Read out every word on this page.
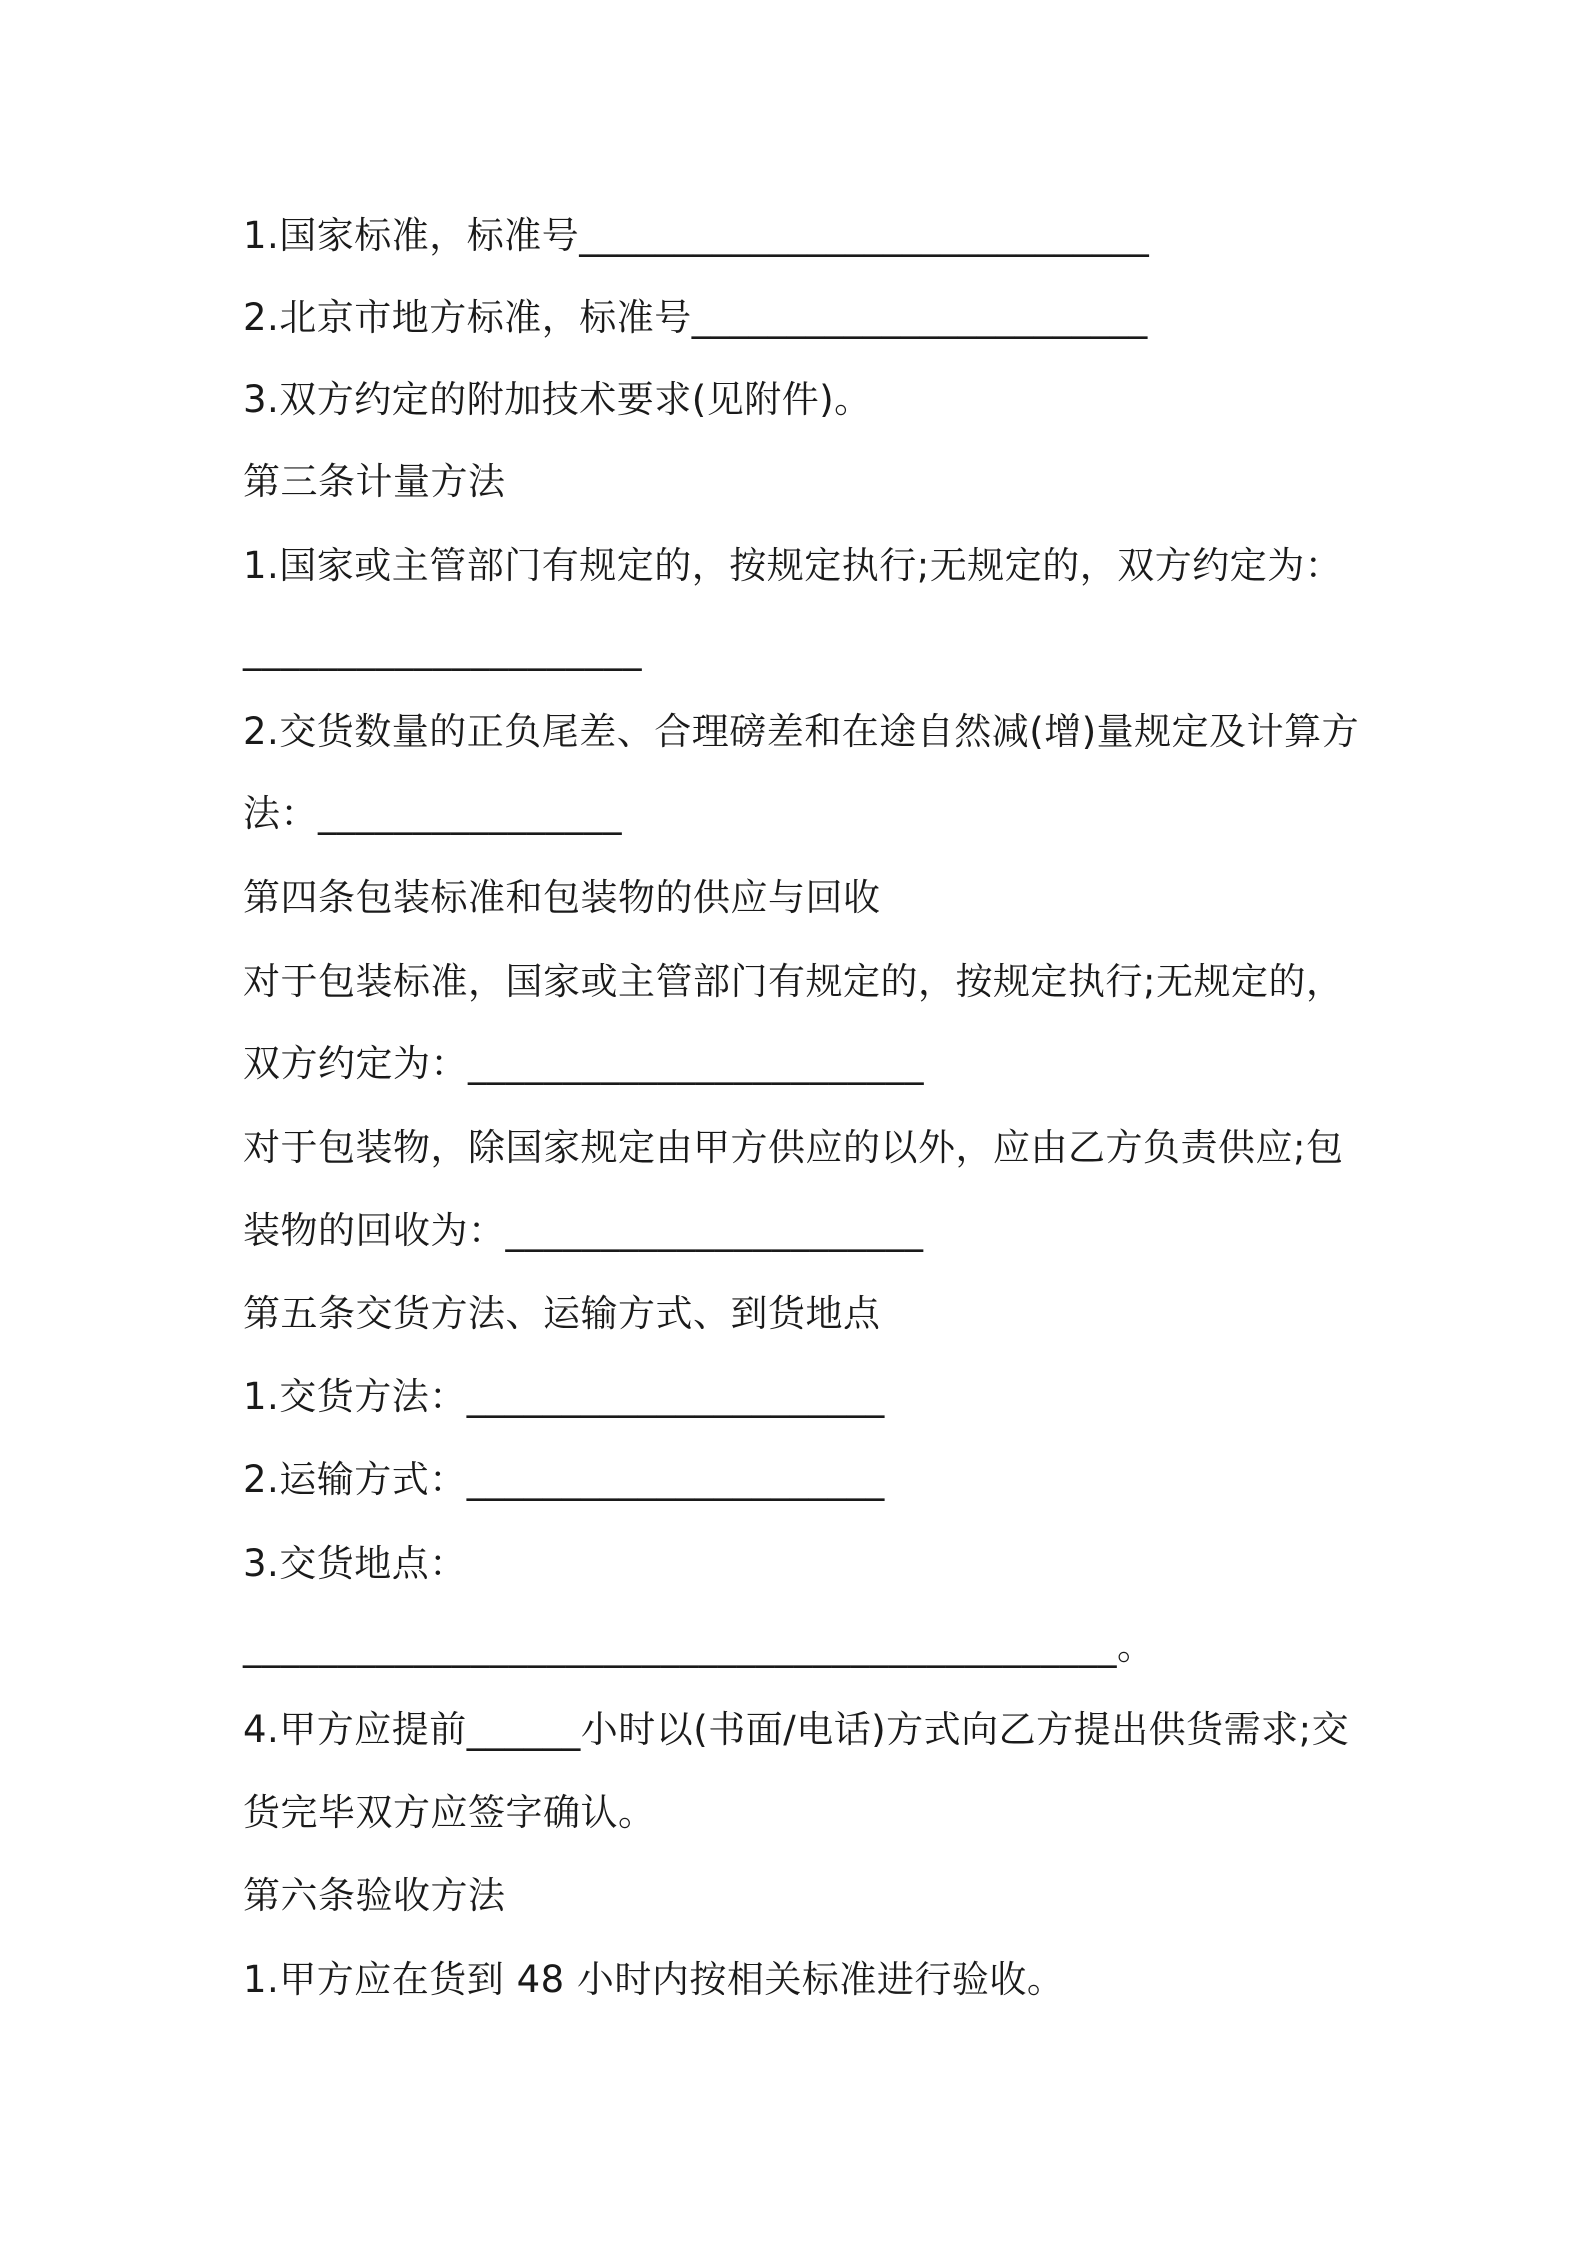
1.国家标准，标准号______________________________
2.北京市地方标准，标准号________________________
3.双方约定的附加技术要求(见附件)。
第三条计量方法
1.国家或主管部门有规定的，按规定执行;无规定的，双方约定为：
_____________________
2.交货数量的正负尾差、合理磅差和在途自然减(增)量规定及计算方
法：________________
第四条包装标准和包装物的供应与回收
对于包装标准，国家或主管部门有规定的，按规定执行;无规定的，
双方约定为：________________________
对于包装物，除国家规定由甲方供应的以外，应由乙方负责供应;包
装物的回收为：______________________
第五条交货方法、运输方式、到货地点
1.交货方法：______________________
2.运输方式：______________________
3.交货地点：
______________________________________________。
4.甲方应提前______小时以(书面/电话)方式向乙方提出供货需求;交
货完毕双方应签字确认。
第六条验收方法
1.甲方应在货到 48 小时内按相关标准进行验收。
